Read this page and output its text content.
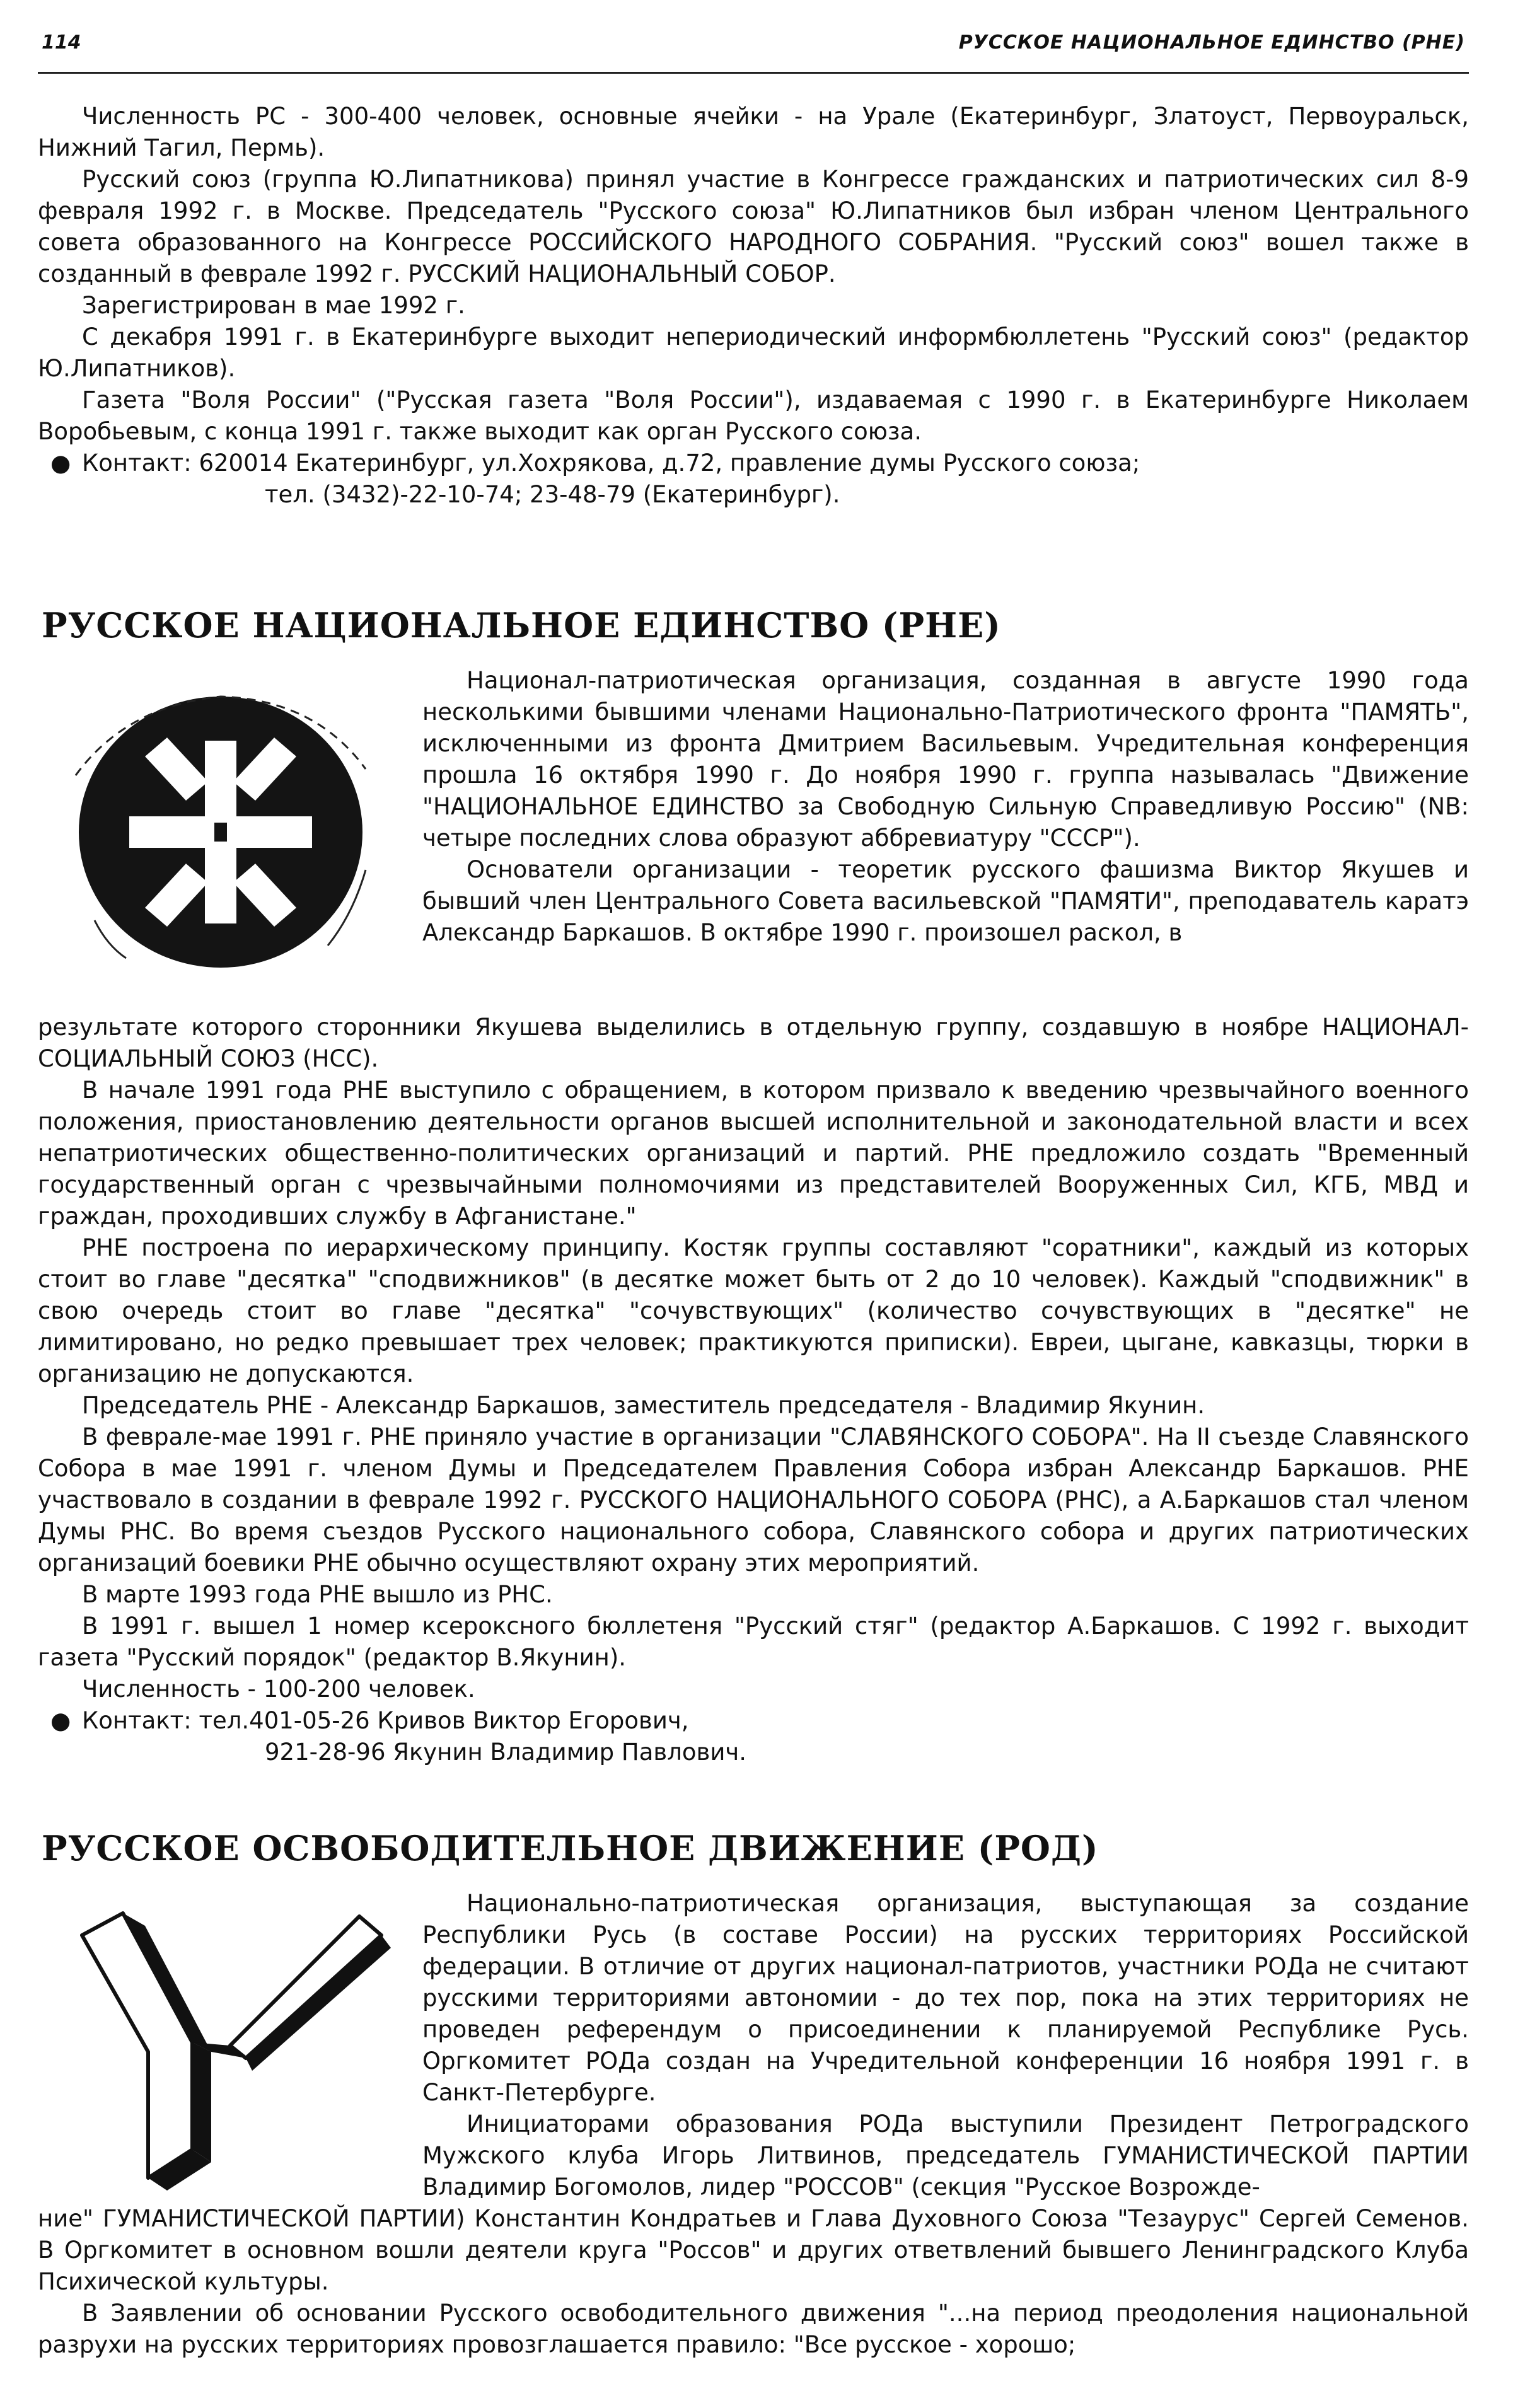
114	РУССКОЕ НАЦИОНАЛЬНОЕ ЕДИНСТВО (РНЕ)

Численность РС - 300-400 человек, основные ячейки - на Урале (Екатеринбург, Златоуст, Первоуральск, Нижний Тагил, Пермь).

Русский союз (группа Ю.Липатникова) принял участие в Конгрессе гражданских и патриотических сил 8-9 февраля 1992 г. в Москве. Председатель "Русского союза" Ю.Липатников был избран членом Центрального совета образованного на Конгрессе РОССИЙСКОГО НАРОДНОГО СОБРАНИЯ. "Русский союз" вошел также в созданный в феврале 1992 г. РУССКИЙ НАЦИОНАЛЬНЫЙ СОБОР.

Зарегистрирован в мае 1992 г.

С декабря 1991 г. в Екатеринбурге выходит непериодический информбюллетень "Русский союз" (редактор Ю.Липатников).

Газета "Воля России" ("Русская газета "Воля России"), издаваемая с 1990 г. в Екатеринбурге Николаем Воробьевым, с конца 1991 г. также выходит как орган Русского союза.

● Контакт: 620014 Екатеринбург, ул.Хохрякова, д.72, правление думы Русского союза;
тел. (3432)-22-10-74; 23-48-79 (Екатеринбург).
РУССКОЕ НАЦИОНАЛЬНОЕ ЕДИНСТВО (РНЕ)

Национал-патриотическая организация, созданная в августе 1990 года несколькими бывшими членами Национально-Патриотического фронта "ПАМЯТЬ", исключенными из фронта Дмитрием Васильевым. Учредительная конференция прошла 16 октября 1990 г. До ноября 1990 г. группа называлась "Движение "НАЦИОНАЛЬНОЕ ЕДИНСТВО за Свободную Сильную Справедливую Россию" (NB: четыре последних слова образуют аббревиатуру "СССР").

Основатели организации - теоретик русского фашизма Виктор Якушев и бывший член Центрального Совета васильевской "ПАМЯТИ", преподаватель каратэ Александр Баркашов. В октябре 1990 г. произошел раскол, в

результате которого сторонники Якушева выделились в отдельную группу, создавшую в ноябре НАЦИОНАЛ-СОЦИАЛЬНЫЙ СОЮЗ (НСС).

В начале 1991 года РНЕ выступило с обращением, в котором призвало к введению чрезвычайного военного положения, приостановлению деятельности органов высшей исполнительной и законодательной власти и всех непатриотических общественно-политических организаций и партий. РНЕ предложило создать "Временный государственный орган с чрезвычайными полномочиями из представителей Вооруженных Сил, КГБ, МВД и граждан, проходивших службу в Афганистане."

РНЕ построена по иерархическому принципу. Костяк группы составляют "соратники", каждый из которых стоит во главе "десятка" "сподвижников" (в десятке может быть от 2 до 10 человек). Каждый "сподвижник" в свою очередь стоит во главе "десятка" "сочувствующих" (количество сочувствующих в "десятке" не лимитировано, но редко превышает трех человек; практикуются приписки). Евреи, цыгане, кавказцы, тюрки в организацию не допускаются.

Председатель РНЕ - Александр Баркашов, заместитель председателя - Владимир Якунин.

В феврале-мае 1991 г. РНЕ приняло участие в организации "СЛАВЯНСКОГО СОБОРА". На II съезде Славянского Собора в мае 1991 г. членом Думы и Председателем Правления Собора избран Александр Баркашов. РНЕ участвовало в создании в феврале 1992 г. РУССКОГО НАЦИОНАЛЬНОГО СОБОРА (РНС), а А.Баркашов стал членом Думы РНС. Во время съездов Русского национального собора, Славянского собора и других патриотических организаций боевики РНЕ обычно осуществляют охрану этих мероприятий.

В марте 1993 года РНЕ вышло из РНС.

В 1991 г. вышел 1 номер ксероксного бюллетеня "Русский стяг" (редактор А.Баркашов. С 1992 г. выходит газета "Русский порядок" (редактор В.Якунин).

Численность - 100-200 человек.

● Контакт: тел.401-05-26 Кривов Виктор Егорович,
921-28-96 Якунин Владимир Павлович.
РУССКОЕ ОСВОБОДИТЕЛЬНОЕ ДВИЖЕНИЕ (РОД)

Национально-патриотическая организация, выступающая за создание Республики Русь (в составе России) на русских территориях Российской федерации. В отличие от других национал-патриотов, участники РОДа не считают русскими территориями автономии - до тех пор, пока на этих территориях не проведен референдум о присоединении к планируемой Республике Русь. Оргкомитет РОДа создан на Учредительной конференции 16 ноября 1991 г. в Санкт-Петербурге.

Инициаторами образования РОДа выступили Президент Петроградского Мужского клуба Игорь Литвинов, председатель ГУМАНИСТИЧЕСКОЙ ПАРТИИ Владимир Богомолов, лидер "РОССОВ" (секция "Русское Возрожде-

ние" ГУМАНИСТИЧЕСКОЙ ПАРТИИ) Константин Кондратьев и Глава Духовного Союза "Тезаурус" Сергей Семенов. В Оргкомитет в основном вошли деятели круга "Россов" и других ответвлений бывшего Ленинградского Клуба Психической культуры.

В Заявлении об основании Русского освободительного движения "...на период преодоления национальной разрухи на русских территориях провозглашается правило: "Все русское - хорошо;
